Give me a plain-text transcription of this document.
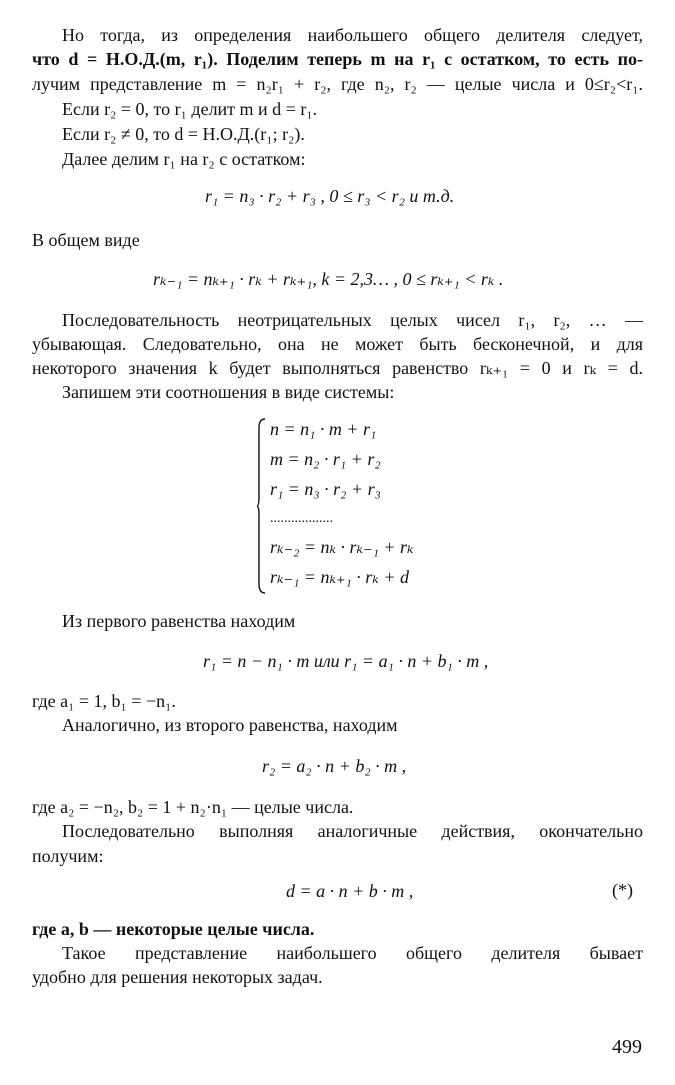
Но тогда, из определения наибольшего общего делителя следует,
что d = Н.О.Д.(m, r₁). Поделим теперь m на r₁ с остатком, то есть по-
лучим представление m = n₂r₁ + r₂, где n₂, r₂ — целые числа и 0≤r₂<r₁.
Если r₂ = 0, то r₁ делит m и d = r₁.
Если r₂ ≠ 0, то d = Н.О.Д.(r₁; r₂).
Далее делим r₁ на r₂ с остатком:
r₁ = n₃ · r₂ + r₃ , 0 ≤ r₃ < r₂ и т.д.
В общем виде
rₖ₋₁ = nₖ₊₁ · rₖ + rₖ₊₁, k = 2,3… , 0 ≤ rₖ₊₁ < rₖ .
Последовательность неотрицательных целых чисел r₁, r₂, … —
убывающая. Следовательно, она не может быть бесконечной, и для
некоторого значения k будет выполняться равенство rₖ₊₁ = 0 и rₖ = d.
Запишем эти соотношения в виде системы:
n = n₁ · m + r₁
m = n₂ · r₁ + r₂
r₁ = n₃ · r₂ + r₃
..................
rₖ₋₂ = nₖ · rₖ₋₁ + rₖ
rₖ₋₁ = nₖ₊₁ · rₖ + d
Из первого равенства находим
r₁ = n − n₁ · m или r₁ = a₁ · n + b₁ · m ,
где a₁ = 1, b₁ = −n₁.
Аналогично, из второго равенства, находим
r₂ = a₂ · n + b₂ · m ,
где a₂ = −n₂, b₂ = 1 + n₂·n₁ — целые числа.
Последовательно выполняя аналогичные действия, окончательно
получим:
d = a · n + b · m ,	(*)
где a, b — некоторые целые числа.
Такое представление наибольшего общего делителя бывает
удобно для решения некоторых задач.
499
